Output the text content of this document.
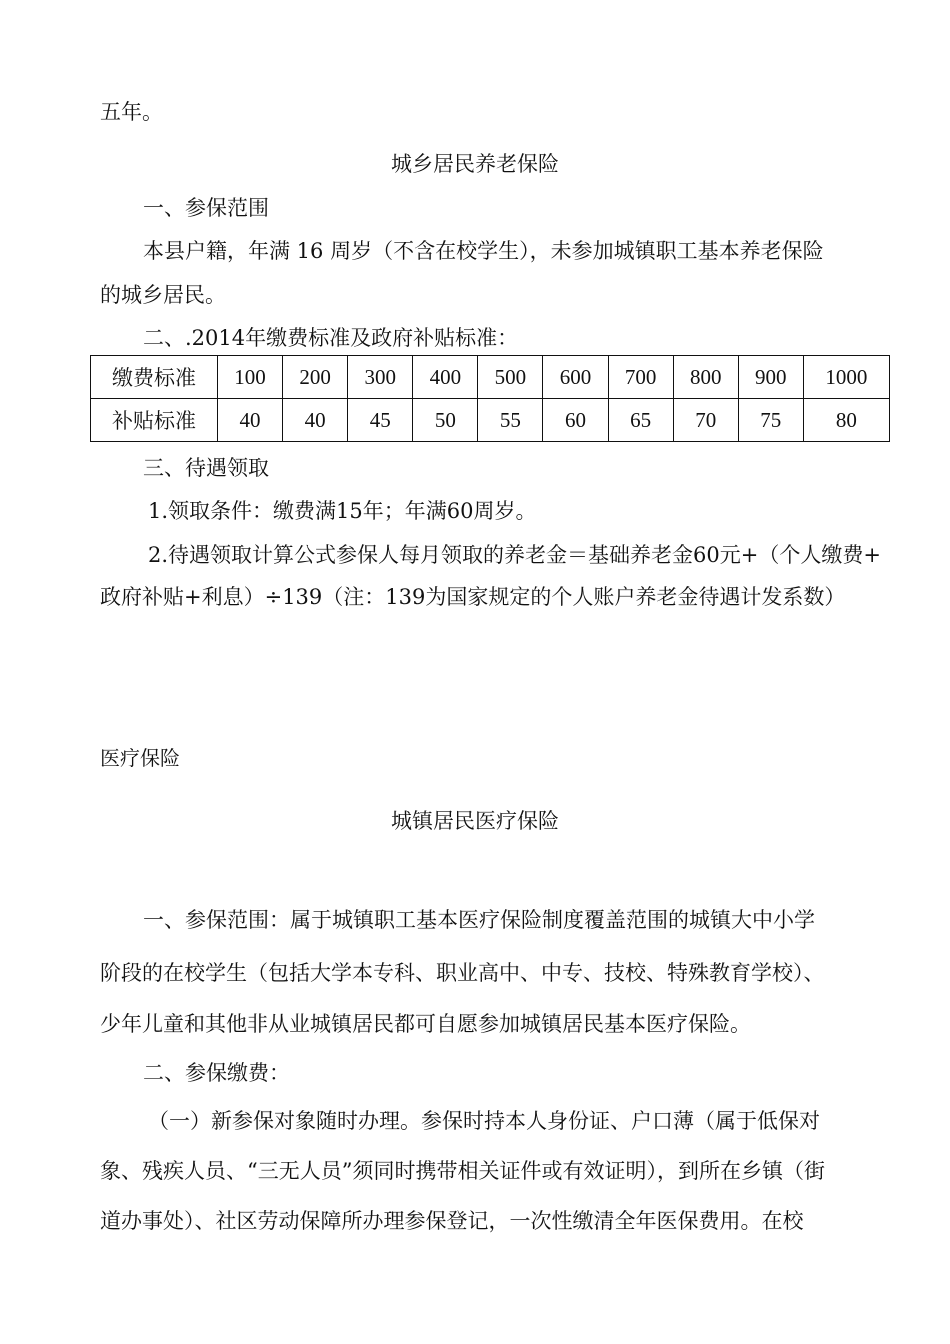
五年。
城乡居民养老保险
一、参保范围
本县户籍，年满 16 周岁（不含在校学生），未参加城镇职工基本养老保险
的城乡居民。
二、.2014年缴费标准及政府补贴标准：
缴费标准	100	200	300	400	500	600	700	800	900	1000
补贴标准	40	40	45	50	55	60	65	70	75	80
三、待遇领取
1.领取条件：缴费满15年；年满60周岁。
2.待遇领取计算公式参保人每月领取的养老金＝基础养老金60元+（个人缴费+
政府补贴+利息）÷139（注：139为国家规定的个人账户养老金待遇计发系数）
医疗保险
城镇居民医疗保险
一、参保范围：属于城镇职工基本医疗保险制度覆盖范围的城镇大中小学
阶段的在校学生（包括大学本专科、职业高中、中专、技校、特殊教育学校）、
少年儿童和其他非从业城镇居民都可自愿参加城镇居民基本医疗保险。
二、参保缴费：
（一）新参保对象随时办理。参保时持本人身份证、户口薄（属于低保对
象、残疾人员、“三无人员”须同时携带相关证件或有效证明），到所在乡镇（街
道办事处）、社区劳动保障所办理参保登记，一次性缴清全年医保费用。在校
